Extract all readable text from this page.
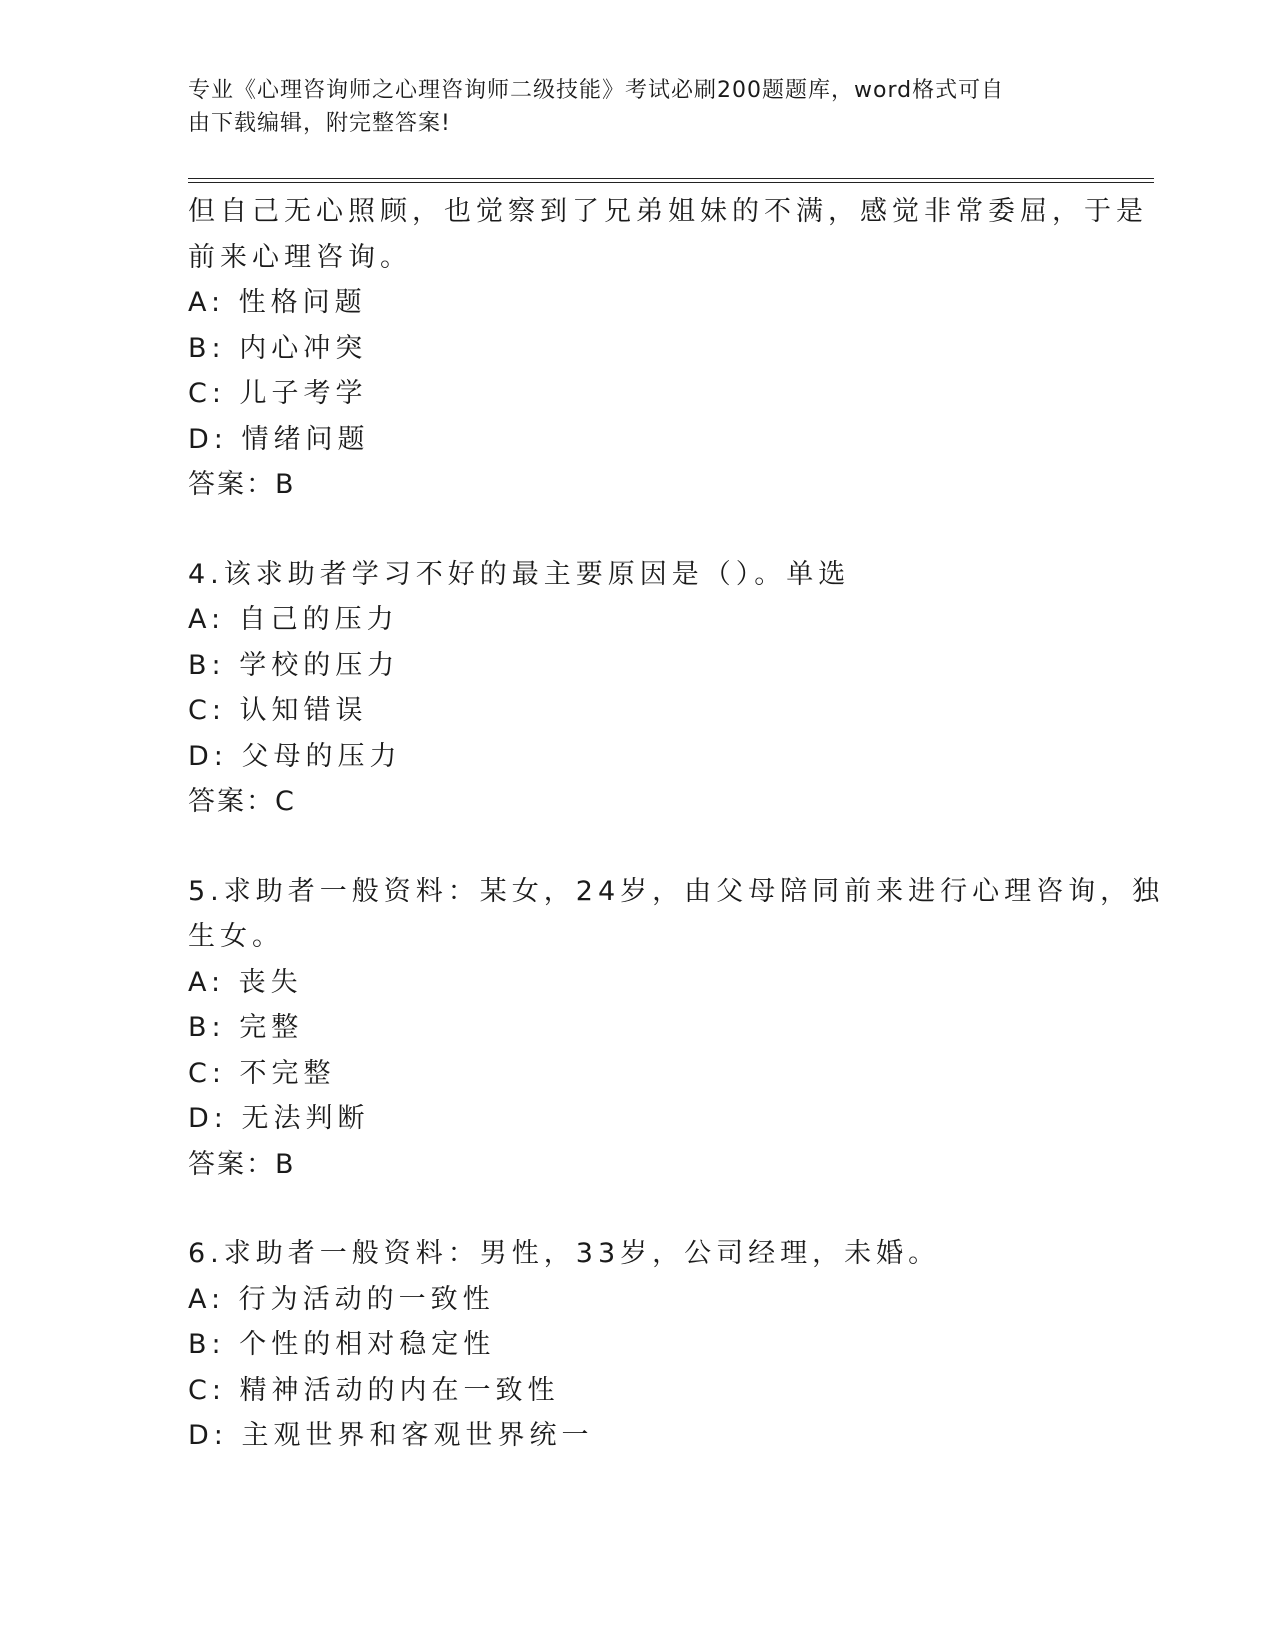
专业《心理咨询师之心理咨询师二级技能》考试必刷200题题库，word格式可自
由下载编辑，附完整答案!
但自己无心照顾，也觉察到了兄弟姐妹的不满，感觉非常委屈，于是
前来心理咨询。
A: 性格问题
B: 内心冲突
C: 儿子考学
D: 情绪问题
答案：B
4.该求助者学习不好的最主要原因是（）。单选
A: 自己的压力
B: 学校的压力
C: 认知错误
D: 父母的压力
答案：C
5.求助者一般资料：某女，24岁，由父母陪同前来进行心理咨询，独
生女。
A: 丧失
B: 完整
C: 不完整
D: 无法判断
答案：B
6.求助者一般资料：男性，33岁，公司经理，未婚。
A: 行为活动的一致性
B: 个性的相对稳定性
C: 精神活动的内在一致性
D: 主观世界和客观世界统一
